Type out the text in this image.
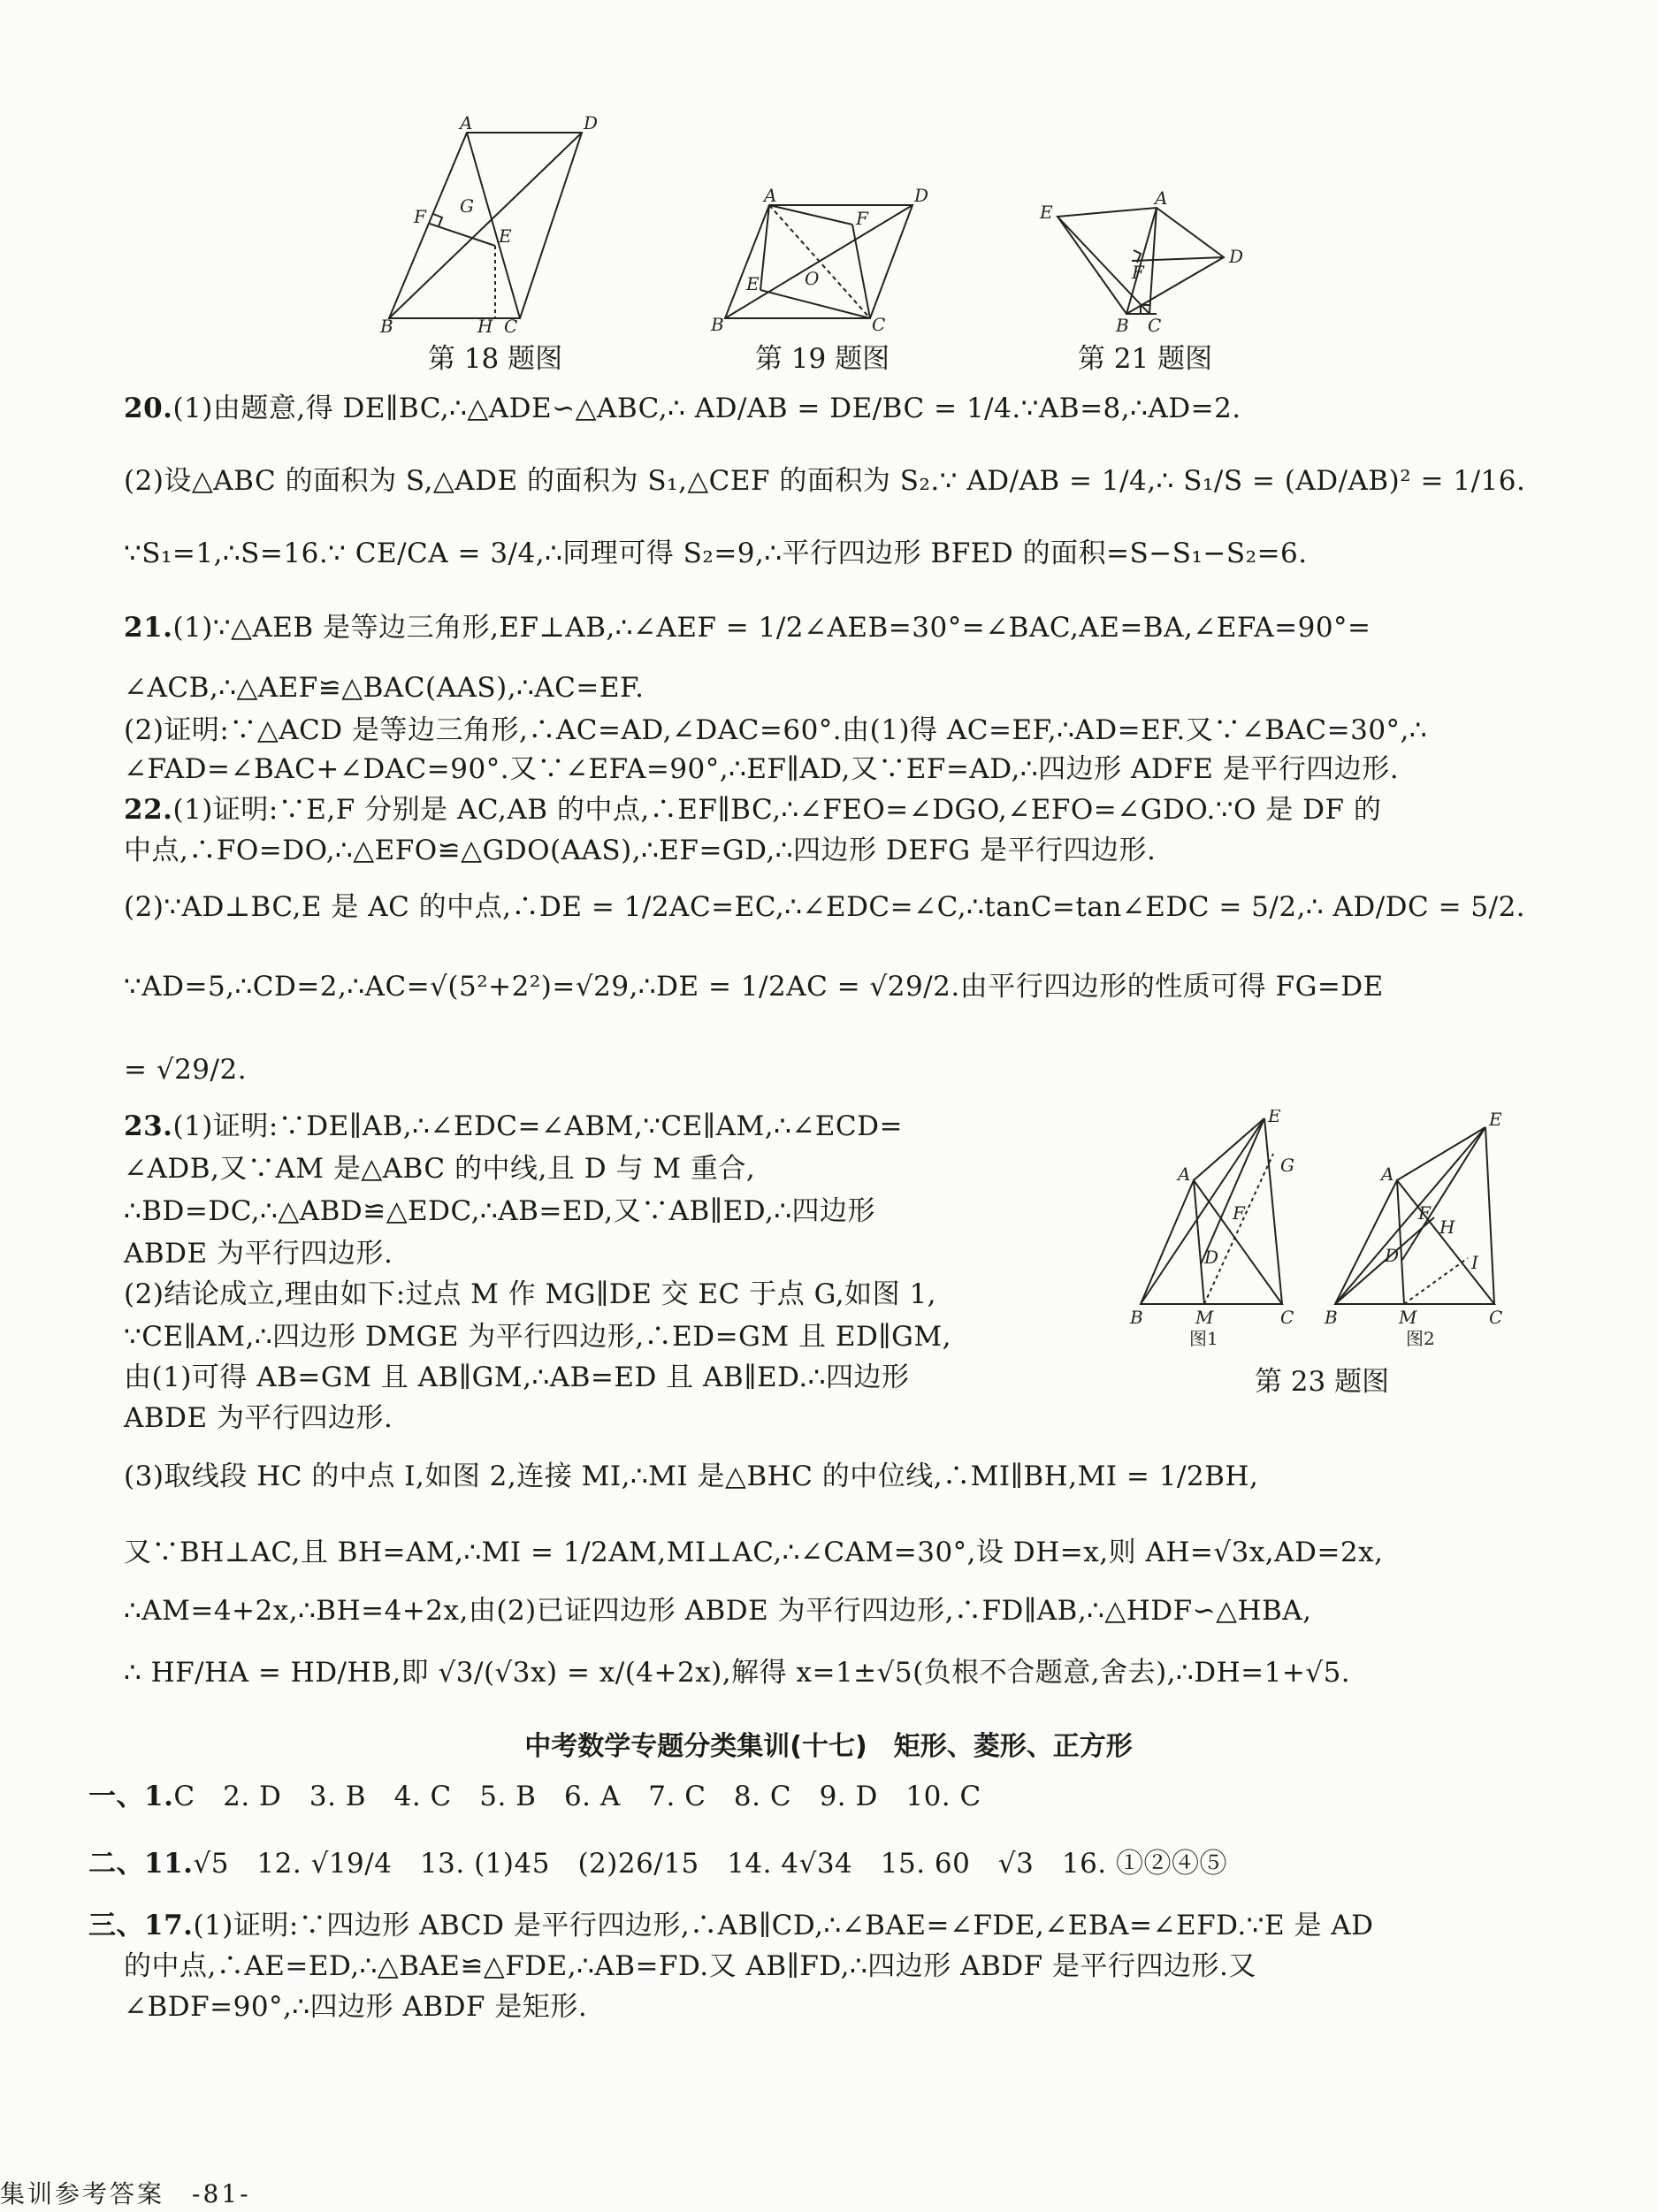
A	D
F G
E
B	H C
第 18 题图
A
F
D
E	O
B	C
第 19 题图
E
A
D
F
B C
第 21 题图
E
A	G
F
D
B	M	C
图1
E
A
F
H
D	I
B	M	C
图2
第 23 题图
20.(1)由题意,得 DE∥BC,∴△ADE∽△ABC,∴ AD/AB = DE/BC = 1/4.∵AB=8,∴AD=2.
(2)设△ABC 的面积为 S,△ADE 的面积为 S₁,△CEF 的面积为 S₂.∵ AD/AB = 1/4,∴ S₁/S = (AD/AB)² = 1/16.
∵S₁=1,∴S=16.∵ CE/CA = 3/4,∴同理可得 S₂=9,∴平行四边形 BFED 的面积=S−S₁−S₂=6.
21.(1)∵△AEB 是等边三角形,EF⊥AB,∴∠AEF = 1/2∠AEB=30°=∠BAC,AE=BA,∠EFA=90°=
∠ACB,∴△AEF≌△BAC(AAS),∴AC=EF.
(2)证明:∵△ACD 是等边三角形,∴AC=AD,∠DAC=60°.由(1)得 AC=EF,∴AD=EF.又∵∠BAC=30°,∴
∠FAD=∠BAC+∠DAC=90°.又∵∠EFA=90°,∴EF∥AD,又∵EF=AD,∴四边形 ADFE 是平行四边形.
22.(1)证明:∵E,F 分别是 AC,AB 的中点,∴EF∥BC,∴∠FEO=∠DGO,∠EFO=∠GDO.∵O 是 DF 的
中点,∴FO=DO,∴△EFO≌△GDO(AAS),∴EF=GD,∴四边形 DEFG 是平行四边形.
(2)∵AD⊥BC,E 是 AC 的中点,∴DE = 1/2AC=EC,∴∠EDC=∠C,∴tanC=tan∠EDC = 5/2,∴ AD/DC = 5/2.
∵AD=5,∴CD=2,∴AC=√(5²+2²)=√29,∴DE = 1/2AC = √29/2.由平行四边形的性质可得 FG=DE
= √29/2.
23.(1)证明:∵DE∥AB,∴∠EDC=∠ABM,∵CE∥AM,∴∠ECD=
∠ADB,又∵AM 是△ABC 的中线,且 D 与 M 重合,
∴BD=DC,∴△ABD≌△EDC,∴AB=ED,又∵AB∥ED,∴四边形
ABDE 为平行四边形.
(2)结论成立,理由如下:过点 M 作 MG∥DE 交 EC 于点 G,如图 1,
∵CE∥AM,∴四边形 DMGE 为平行四边形,∴ED=GM 且 ED∥GM,
由(1)可得 AB=GM 且 AB∥GM,∴AB=ED 且 AB∥ED.∴四边形
ABDE 为平行四边形.
(3)取线段 HC 的中点 I,如图 2,连接 MI,∴MI 是△BHC 的中位线,∴MI∥BH,MI = 1/2BH,
又∵BH⊥AC,且 BH=AM,∴MI = 1/2AM,MI⊥AC,∴∠CAM=30°,设 DH=x,则 AH=√3x,AD=2x,
∴AM=4+2x,∴BH=4+2x,由(2)已证四边形 ABDE 为平行四边形,∴FD∥AB,∴△HDF∽△HBA,
∴ HF/HA = HD/HB,即 √3/(√3x) = x/(4+2x),解得 x=1±√5(负根不合题意,舍去),∴DH=1+√5.
中考数学专题分类集训(十七)　矩形、菱形、正方形
一、1.C　2. D　3. B　4. C　5. B　6. A　7. C　8. C　9. D　10. C
二、11.√5　12. √19/4　13. (1)45　(2)26/15　14. 4√34　15. 60　√3　16. ①②④⑤
三、17.(1)证明:∵四边形 ABCD 是平行四边形,∴AB∥CD,∴∠BAE=∠FDE,∠EBA=∠EFD.∵E 是 AD
的中点,∴AE=ED,∴△BAE≌△FDE,∴AB=FD.又 AB∥FD,∴四边形 ABDF 是平行四边形.又
∠BDF=90°,∴四边形 ABDF 是矩形.
集训参考答案　-81-
